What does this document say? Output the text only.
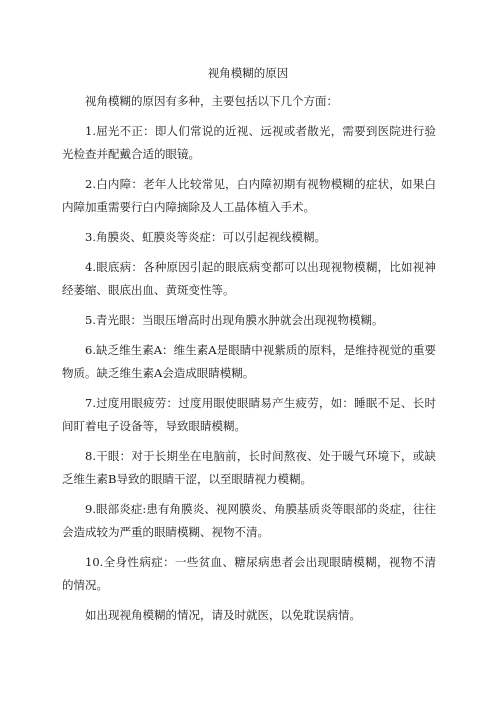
视角模糊的原因

视角模糊的原因有多种，主要包括以下几个方面：

1.屈光不正：即人们常说的近视、远视或者散光，需要到医院进行验光检查并配戴合适的眼镜。

2.白内障：老年人比较常见，白内障初期有视物模糊的症状，如果白内障加重需要行白内障摘除及人工晶体植入手术。

3.角膜炎、虹膜炎等炎症：可以引起视线模糊。

4.眼底病：各种原因引起的眼底病变都可以出现视物模糊，比如视神经萎缩、眼底出血、黄斑变性等。

5.青光眼：当眼压增高时出现角膜水肿就会出现视物模糊。

6.缺乏维生素A：维生素A是眼睛中视紫质的原料，是维持视觉的重要物质。缺乏维生素A会造成眼睛模糊。

7.过度用眼疲劳：过度用眼使眼睛易产生疲劳，如：睡眠不足、长时间盯着电子设备等，导致眼睛模糊。

8.干眼：对于长期坐在电脑前，长时间熬夜、处于暖气环境下，或缺乏维生素B导致的眼睛干涩，以至眼睛视力模糊。

9.眼部炎症:患有角膜炎、视网膜炎、角膜基质炎等眼部的炎症，往往会造成较为严重的眼睛模糊、视物不清。

10.全身性病症：一些贫血、糖尿病患者会出现眼睛模糊，视物不清的情况。

如出现视角模糊的情况，请及时就医，以免耽误病情。
